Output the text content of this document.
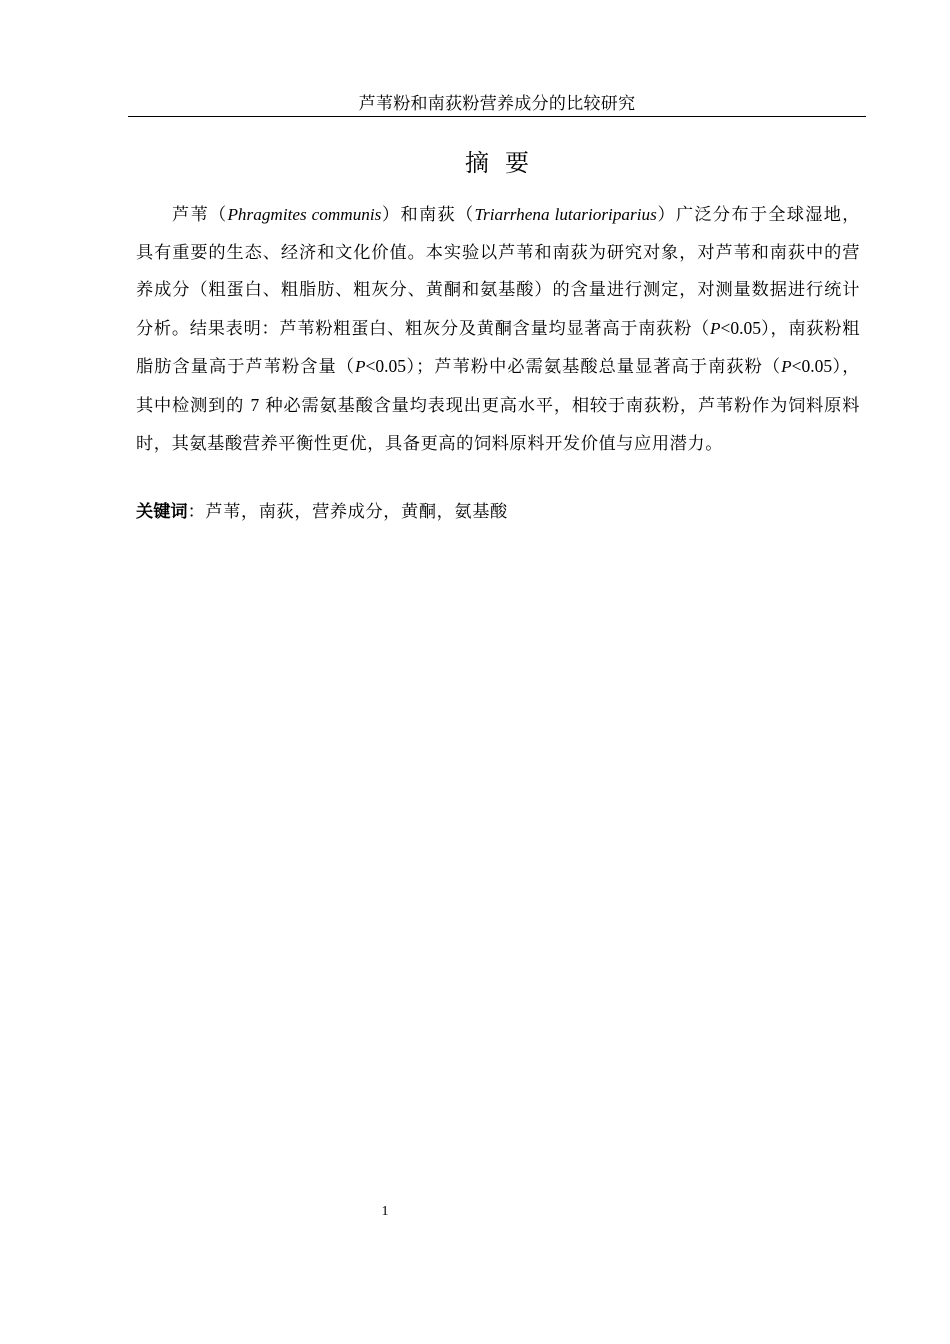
芦苇粉和南荻粉营养成分的比较研究
摘要

芦苇（Phragmites communis）和南荻（Triarrhena lutarioriparius）广泛分布于全球湿地，具有重要的生态、经济和文化价值。本实验以芦苇和南荻为研究对象，对芦苇和南荻中的营养成分（粗蛋白、粗脂肪、粗灰分、黄酮和氨基酸）的含量进行测定，对测量数据进行统计分析。结果表明：芦苇粉粗蛋白、粗灰分及黄酮含量均显著高于南荻粉（P<0.05），南荻粉粗脂肪含量高于芦苇粉含量（P<0.05）；芦苇粉中必需氨基酸总量显著高于南荻粉（P<0.05），其中检测到的 7 种必需氨基酸含量均表现出更高水平，相较于南荻粉，芦苇粉作为饲料原料时，其氨基酸营养平衡性更优，具备更高的饲料原料开发价值与应用潜力。

关键词：芦苇，南荻，营养成分，黄酮，氨基酸
1
